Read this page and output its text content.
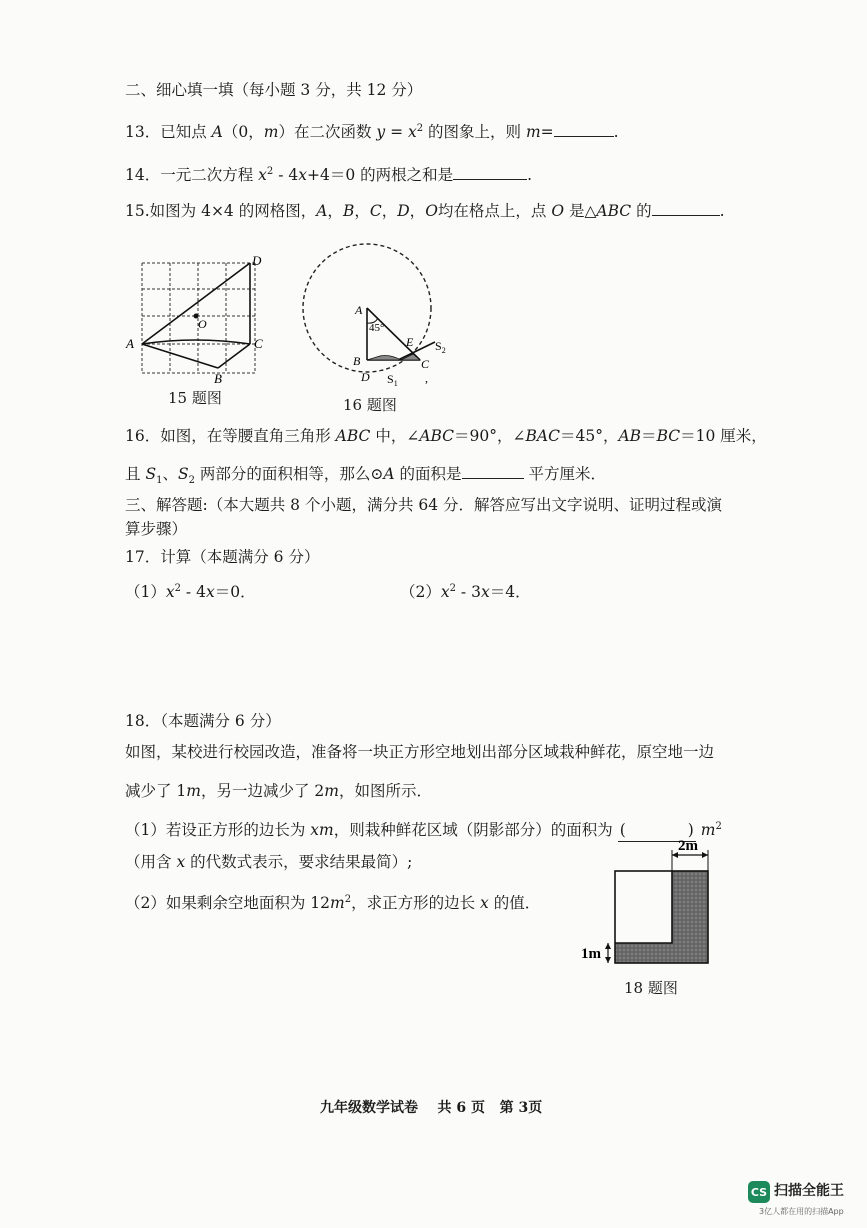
二、细心填一填（每小题 3 分，共 12 分）
13．已知点 A（0，m）在二次函数 $y = x^2$ 的图象上，则 m=	.
14．一元二次方程 $x^2 - 4x+4=0$ 的两根之和是	.
15.如图为 4×4 的网格图，A，B，C，D，O均在格点上，点 O 是△ABC 的	.
A
B
C
D
O
15 题图
A
45°
B
D
E
C
$S_1$
$S_2$
,
16 题图
16．如图，在等腰直角三角形 ABC 中，∠ABC＝90°，∠BAC＝45°，AB＝BC＝10 厘米，
且 $S_1$、$S_2$ 两部分的面积相等，那么⊙A 的面积是	平方厘米．
三、解答题:（本大题共 8 个小题，满分共 64 分．解答应写出文字说明、证明过程或演
算步骤）
17．计算（本题满分 6 分）
$(1)x^2 - 4x=0$．	$(2)x^2 - 3x=4$．
18．（本题满分 6 分）
如图，某校进行校园改造，准备将一块正方形空地划出部分区域栽种鲜花，原空地一边
减少了 1m，另一边减少了 2m，如图所示．
（1）若设正方形的边长为 xm，则栽种鲜花区域（阴影部分）的面积为 (	) $m^2$
（用含 x 的代数式表示，要求结果最简）;
（2）如果剩余空地面积为 $12m^2$，求正方形的边长 x 的值．
2m
1m
18 题图
九年级数学试卷    共 6 页   第 3页
CS 扫描全能王
3亿人都在用的扫描App
